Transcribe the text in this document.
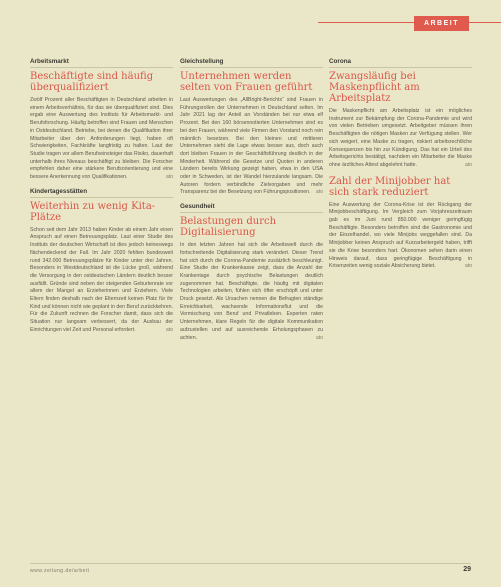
ARBEIT
Arbeitsmarkt
Beschäftigte sind häufig überqualifiziert

Zwölf Prozent aller Beschäftigten in Deutschland arbeiten in einem Arbeitsverhältnis, für das sie überqualifiziert sind. Dies ergab eine Auswertung des Instituts für Arbeitsmarkt- und Berufsforschung. Häufig betroffen sind Frauen und Menschen in Ostdeutschland. Betriebe, bei denen die Qualifikation ihrer Mitarbeiter über den Anforderungen liegt, haben oft Schwierigkeiten, Fachkräfte langfristig zu halten. Laut der Studie tragen vor allem Berufseinsteiger das Risiko, dauerhaft unterhalb ihres Niveaus beschäftigt zu bleiben. Die Forscher empfehlen daher eine stärkere Berufsorientierung und eine bessere Anerkennung von Qualifikationen.	ato

Kindertagesstätten
Weiterhin zu wenig Kita-Plätze

Schon seit dem Jahr 2013 haben Kinder ab einem Jahr einen Anspruch auf einen Betreuungsplatz. Laut einer Studie des Instituts der deutschen Wirtschaft ist dies jedoch keineswegs flächendeckend der Fall. Im Jahr 2020 fehlten bundesweit rund 342.000 Betreuungsplätze für Kinder unter drei Jahren. Besonders in Westdeutschland ist die Lücke groß, während die Versorgung in den ostdeutschen Ländern deutlich besser ausfällt. Gründe sind neben der steigenden Geburtenrate vor allem der Mangel an Erzieherinnen und Erziehern. Viele Eltern finden deshalb nach der Elternzeit keinen Platz für ihr Kind und können nicht wie geplant in den Beruf zurückkehren. Für die Zukunft rechnen die Forscher damit, dass sich die Situation nur langsam verbessert, da der Ausbau der Einrichtungen viel Zeit und Personal erfordert.	ato

Gleichstellung
Unternehmen werden selten von Frauen geführt

Laut Auswertungen des „AllBright-Berichts“ sind Frauen in Führungsrollen der Unternehmen in Deutschland selten. Im Jahr 2021 lag der Anteil an Vorständen bei nur etwa elf Prozent. Bei den 160 börsennotierten Unternehmen sind es bei den Frauen, während viele Firmen den Vorstand noch rein männlich besetzen. Bei den kleinen und mittleren Unternehmen sieht die Lage etwas besser aus, doch auch dort bleiben Frauen in der Geschäftsführung deutlich in der Minderheit. Während die Gesetze und Quoten in anderen Ländern bereits Wirkung gezeigt haben, etwa in den USA oder in Schweden, ist der Wandel hierzulande langsam. Die Autoren fordern verbindliche Zielvorgaben und mehr Transparenz bei der Besetzung von Führungspositionen. ato

Gesundheit
Belastungen durch Digitalisierung

In den letzten Jahren hat sich die Arbeitswelt durch die fortschreitende Digitalisierung stark verändert. Dieser Trend hat sich durch die Corona-Pandemie zusätzlich beschleunigt. Eine Studie der Krankenkasse zeigt, dass die Anzahl der Krankentage durch psychische Belastungen deutlich zugenommen hat. Beschäftigte, die häufig mit digitalen Technologien arbeiten, fühlen sich öfter erschöpft und unter Druck gesetzt. Als Ursachen nennen die Befragten ständige Erreichbarkeit, wachsende Informationsflut und die Vermischung von Beruf und Privatleben. Experten raten Unternehmen, klare Regeln für die digitale Kommunikation aufzustellen und auf ausreichende Erholungsphasen zu achten.	ato

Corona
Zwangsläufig bei Maskenpflicht am Arbeitsplatz

Die Maskenpflicht am Arbeitsplatz ist ein mögliches Instrument zur Bekämpfung der Corona-Pandemie und wird von vielen Betrieben umgesetzt. Arbeitgeber müssen ihren Beschäftigten die nötigen Masken zur Verfügung stellen. Wer sich weigert, eine Maske zu tragen, riskiert arbeitsrechtliche Konsequenzen bis hin zur Kündigung. Das hat ein Urteil des Arbeitsgerichts bestätigt, nachdem ein Mitarbeiter die Maske ohne ärztliches Attest abgelehnt hatte.	ato

Zahl der Minijobber hat sich stark reduziert

Eine Auswertung der Corona-Krise ist der Rückgang der Minijobbeschäftigung. Im Vergleich zum Vorjahreszeitraum gab es im Juni rund 850.000 weniger geringfügig Beschäftigte. Besonders betroffen sind die Gastronomie und der Einzelhandel, wo viele Minijobs weggefallen sind. Da Minijobber keinen Anspruch auf Kurzarbeitergeld haben, trifft sie die Krise besonders hart. Ökonomen sehen darin einen Hinweis darauf, dass geringfügige Beschäftigung in Krisenzeiten wenig soziale Absicherung bietet.	ato

www.zeitung.de/arbeit	29
